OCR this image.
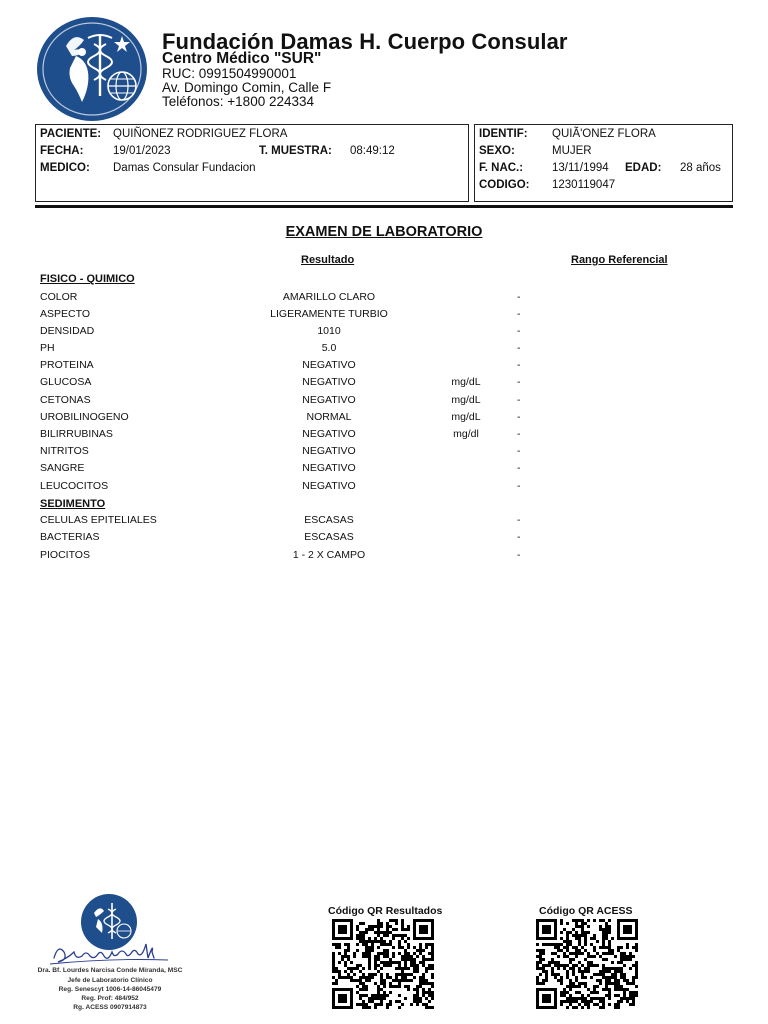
Fundación Damas H. Cuerpo Consular
Centro Médico "SUR"
RUC: 0991504990001
Av. Domingo Comin, Calle F
Teléfonos: +1800 224334
PACIENTE: QUIÑONEZ RODRIGUEZ FLORA
FECHA:	19/01/2023	T. MUESTRA: 08:49:12
MEDICO: Damas Consular Fundacion
IDENTIF: QUIÃ'ONEZ FLORA
SEXO:	MUJER
F. NAC.:	13/11/1994 EDAD: 28 años
CODIGO: 1230119047
EXAMEN DE LABORATORIO
Resultado	Rango Referencial
FISICO - QUIMICO
COLOR	AMARILLO CLARO	-
ASPECTO	LIGERAMENTE TURBIO	-
DENSIDAD	1010	-
PH	5.0	-
PROTEINA	NEGATIVO	-
GLUCOSA	NEGATIVO	mg/dL	-
CETONAS	NEGATIVO	mg/dL	-
UROBILINOGENO	NORMAL	mg/dL	-
BILIRRUBINAS	NEGATIVO	mg/dl	-
NITRITOS	NEGATIVO	-
SANGRE	NEGATIVO	-
LEUCOCITOS	NEGATIVO	-
SEDIMENTO
CELULAS EPITELIALES	ESCASAS	-
BACTERIAS	ESCASAS	-
PIOCITOS	1 - 2 X CAMPO	-
Dra. Bf. Lourdes Narcisa Conde Miranda, MSC
Jefe de Laboratorio Clínico
Reg. Senescyt 1006-14-86045479
Reg. Prof: 484/952
Rg. ACESS 0907914873
Código QR Resultados	Código QR ACESS
